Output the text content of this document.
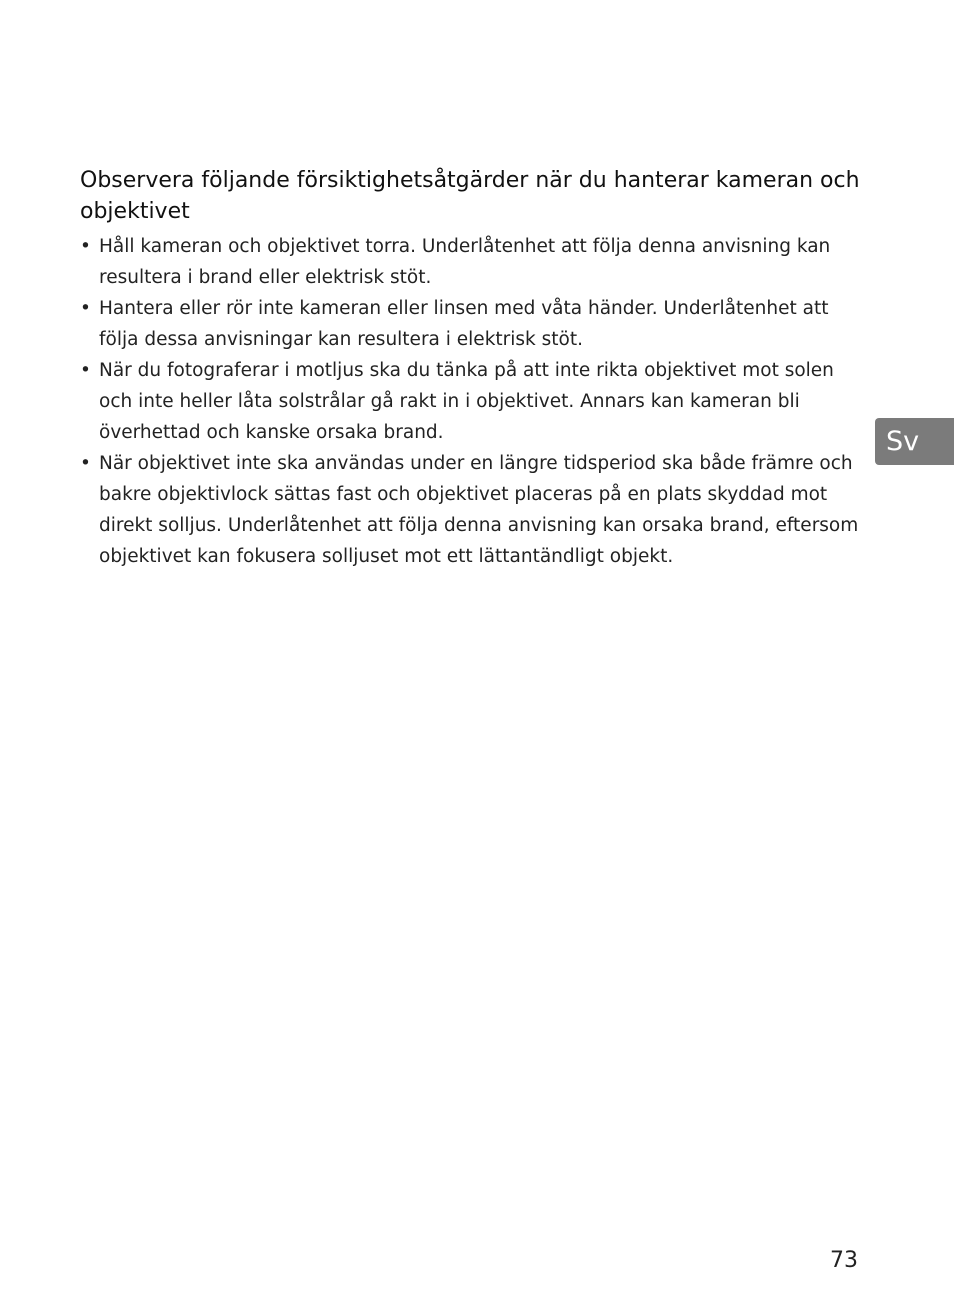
Observera följande försiktighetsåtgärder när du hanterar kameran och objektivet
• Håll kameran och objektivet torra. Underlåtenhet att följa denna anvisning kan resultera i brand eller elektrisk stöt.
• Hantera eller rör inte kameran eller linsen med våta händer. Underlåtenhet att följa dessa anvisningar kan resultera i elektrisk stöt.
• När du fotograferar i motljus ska du tänka på att inte rikta objektivet mot solen och inte heller låta solstrålar gå rakt in i objektivet. Annars kan kameran bli överhettad och kanske orsaka brand.
• När objektivet inte ska användas under en längre tidsperiod ska både främre och bakre objektivlock sättas fast och objektivet placeras på en plats skyddad mot direkt solljus. Underlåtenhet att följa denna anvisning kan orsaka brand, eftersom objektivet kan fokusera solljuset mot ett lättantändligt objekt.
Sv
73
